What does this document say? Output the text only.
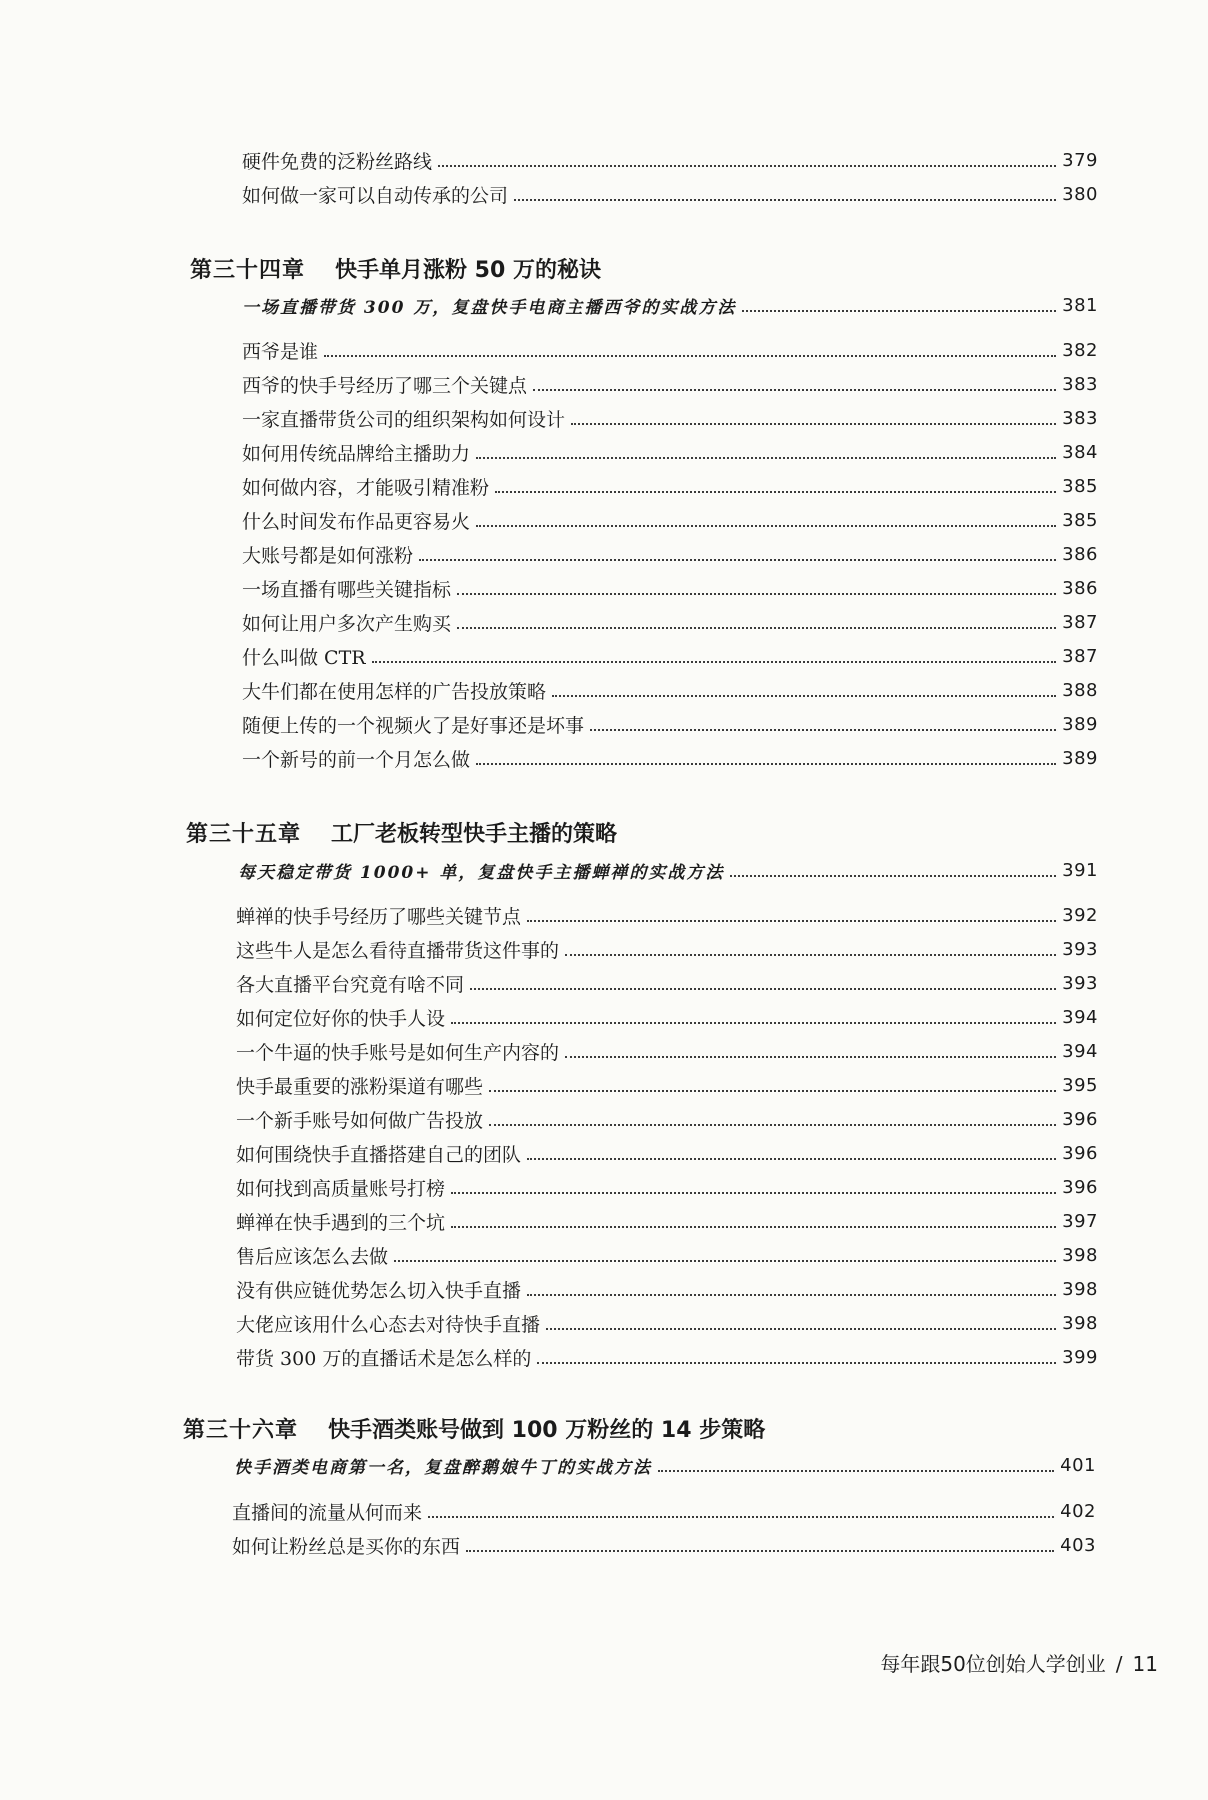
每年跟50位创始人学创业 / 11
硬件免费的泛粉丝路线	379
如何做一家可以自动传承的公司	380
第三十四章 快手单月涨粉 50 万的秘诀
一场直播带货 300 万，复盘快手电商主播西爷的实战方法	381
西爷是谁	382
西爷的快手号经历了哪三个关键点	383
一家直播带货公司的组织架构如何设计	383
如何用传统品牌给主播助力	384
如何做内容，才能吸引精准粉	385
什么时间发布作品更容易火	385
大账号都是如何涨粉	386
一场直播有哪些关键指标	386
如何让用户多次产生购买	387
什么叫做 CTR	387
大牛们都在使用怎样的广告投放策略	388
随便上传的一个视频火了是好事还是坏事	389
一个新号的前一个月怎么做	389
第三十五章 工厂老板转型快手主播的策略
每天稳定带货 1000+ 单，复盘快手主播蝉禅的实战方法	391
蝉禅的快手号经历了哪些关键节点	392
这些牛人是怎么看待直播带货这件事的	393
各大直播平台究竟有啥不同	393
如何定位好你的快手人设	394
一个牛逼的快手账号是如何生产内容的	394
快手最重要的涨粉渠道有哪些	395
一个新手账号如何做广告投放	396
如何围绕快手直播搭建自己的团队	396
如何找到高质量账号打榜	396
蝉禅在快手遇到的三个坑	397
售后应该怎么去做	398
没有供应链优势怎么切入快手直播	398
大佬应该用什么心态去对待快手直播	398
带货 300 万的直播话术是怎么样的	399
第三十六章 快手酒类账号做到 100 万粉丝的 14 步策略
快手酒类电商第一名，复盘醉鹅娘牛丁的实战方法	401
直播间的流量从何而来	402
如何让粉丝总是买你的东西	403
